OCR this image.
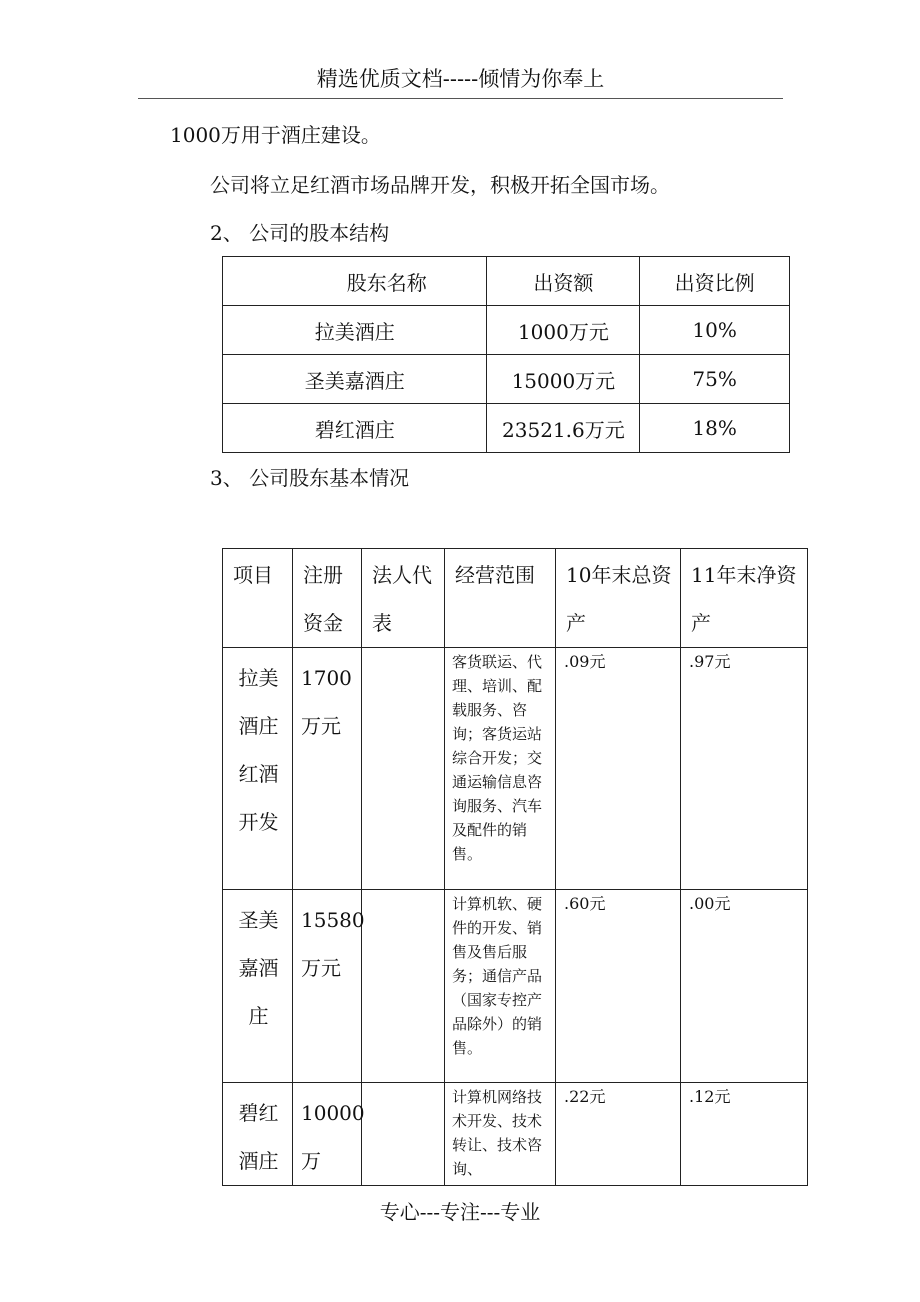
精选优质文档-----倾情为你奉上
1000万用于酒庄建设。
公司将立足红酒市场品牌开发，积极开拓全国市场。
2、 公司的股本结构
股东名称	出资额	出资比例
拉美酒庄	1000万元	10%
圣美嘉酒庄	15000万元	75%
碧红酒庄	23521.6万元	18%
3、 公司股东基本情况
项目	注册资金	法人代表	经营范围	10年末总资产	11年末净资产
拉美酒庄红酒开发	1700万元		客货联运、代理、培训、配载服务、咨询；客货运站综合开发；交通运输信息咨询服务、汽车及配件的销售。	.09元	.97元
圣美嘉酒庄	15580万元		计算机软、硬件的开发、销售及售后服务；通信产品（国家专控产品除外）的销售。	.60元	.00元
碧红酒庄	10000万		计算机网络技术开发、技术转让、技术咨询、	.22元	.12元
专心---专注---专业
